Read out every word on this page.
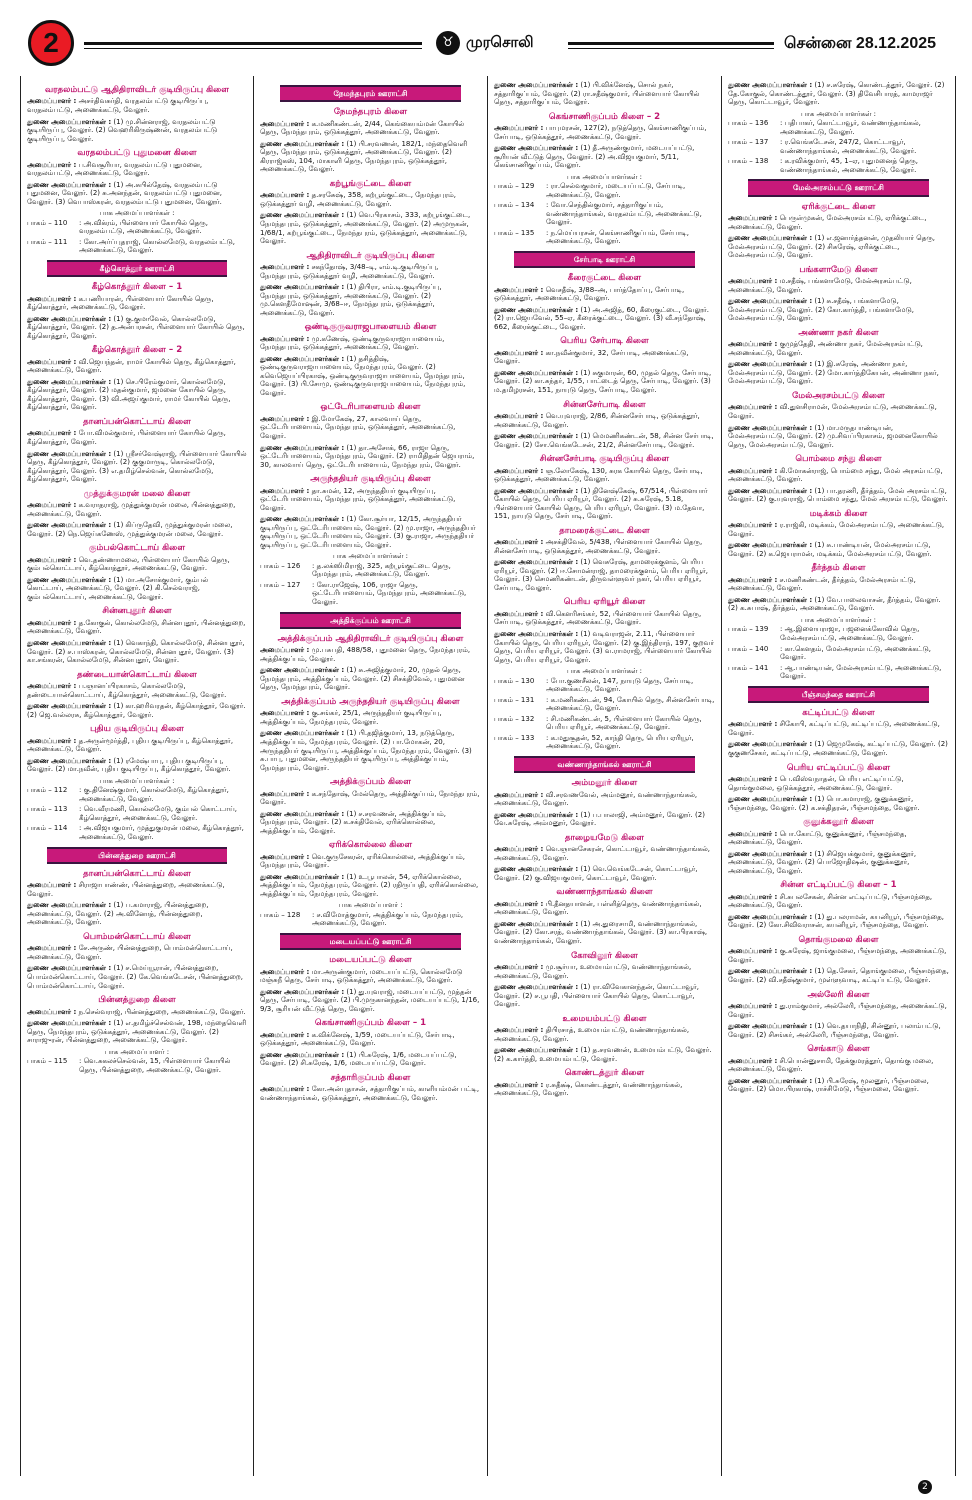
2	♉ முரசொலி	சென்னை 28.12.2025
வரதலம்பட்டு ஆதிதிராவிடர் குடியிருப்பு கிளை

அமைப்பாளர் : அசர்திவசுர்தி, வரதலம்பட்டு குடியிருப்பு, வரதலம்பட்டு, அணைக்கட்டு, வேலூர்.

துணை அமைப்பாளர்கள் : (1) மு.சின்னராஜ், வரதலம்பட்டு குடியிருப்பு, வேலூர். (2) வெஹரிகிருஷ்ணன், வரதலம்பட்டு குடியிருப்பு, வேலூர்.

வரதலம்பட்டு புதுமனை கிளை

அமைப்பாளர் : ப.சிவசூரியா, வரதலம்பட்டு புதுமனை, வரதலம்பட்டு, அணைக்கட்டு, வேலூர்.

துணை அமைப்பாளர்கள் : (1) அ.சுபில்தேஷ், வரதலம்பட்டு புதுமனை, வேலூர். (2) சு.அனந்தன், வரதலம்பட்டு புதுமனை, வேலூர். (3) வெபாஸ்கரன், வரதலம்பட்டு புதுமனை, வேலூர்.

பாக அமைப்பாளர்கள் :
பாகம் – 110	: அ.விக்ரம், பிள்ளையார் கோயில் தெரு, வரதலம்பட்டு, அணைக்கட்டு, வேலூர்.
பாகம் – 111	: கோ.அர்ப்புதராஜ், கொல்லமேடு, வரதலம்பட்டு, அணைக்கட்டு, வேலூர்.
கீழ்கொத்தூர் ஊராட்சி
கீழ்கொத்தூர் கிளை – 1

அமைப்பாளர் : க.பணியாரன், பிள்ளையார் கோயில் தெரு, கீழ்கொத்தூர், அணைக்கட்டு, வேலூர்.

துணை அமைப்பாளர்கள் : (1) கு.குமாவேல், கொல்லமேடு, கீழ்கொத்தூர், வேலூர். (2) த.அன்பரசன், பிள்ளையார் கோயில் தெரு, கீழ்கொத்தூர், வேலூர்.

கீழ்கொத்தூர் கிளை – 2

அமைப்பாளர் : வி.ஜெயந்தன், ராமர் கோயில் தெரு, கீழ்கொத்தூர், அணைக்கட்டு, வேலூர்.

துணை அமைப்பாளர்கள் : (1) செ.பிரேம்குமார், கொல்லமேடு, கீழ்கொத்தூர், வேலூர். (2) மதன்குமார், ஜமனை கோயில் தெரு, கீழ்கொத்தூர், வேலூர். (3) வி.அஜய்குமார், ராமர் கோயில் தெரு, கீழ்கொத்தூர், வேலூர்.

தானப்பன்கொட்டாய் கிளை

அமைப்பாளர் : போ.விமல்குமார், பிள்ளையார் கோயில் தெரு, கீழ்கொத்தூர், வேலூர்.

துணை அமைப்பாளர்கள் : (1) ஸ்ரீசர்வேஷ்ராஜ், பிள்ளையார் கோயில் தெரு, கீழ்கொத்தூர், வேலூர். (2) குகுமாருடி, கொல்லமேடு, கீழ்கொத்தூர், வேலூர். (3) எ.தமிழ்செல்வன், கொல்லமேடு, கீழ்கொத்தூர், வேலூர்.

முத்துக்குமரன் மலை கிளை

அமைப்பாளர் : க.வராதராஜ், முத்துக்குமரன் மலை, பின்னத்துறை, அணைக்கட்டு, வேலூர்.

துணை அமைப்பாளர்கள் : (1) கிப்ருதேவி, முத்துக்குமரன் மலை, வேலூர். (2) நெ.ஜெய்கணேஸ், முத்துக்குமரன் மலை, வேலூர்.

கும்பல்கொட்டாய் கிளை

அமைப்பாளர் : வெ.தண்ணாமலை, பிள்ளையார் கோயில் தெரு, கும்பல்கொட்டாய், கீழ்கொத்தூர், அணைக்கட்டு, வேலூர்.

துணை அமைப்பாளர்கள் : (1) மா.அசோக்குமார், கும்பல் கொட்டாய், அணைக்கட்டு, வேலூர். (2) கி.செல்வராஜ், கும்பல்கொட்டாய், அணைக்கட்டு, வேலூர்.

சின்னபுதூர் கிளை

அமைப்பாளர் : த.கோகுல், கொல்லமேடு, சின்னபுதூர், பின்னத்துறை, அணைக்கட்டு, வேலூர்.

துணை அமைப்பாளர்கள் : (1) வெகாந்தி, கொல்லமேடு, சின்னபுதூர், வேலூர். (2) ச.பாஸ்கரன், கொல்லமேடு, சின்னபுதூர், வேலூர். (3) கா.சங்கரன், கொல்லமேடு, சின்னபுதூர், வேலூர்.

தண்டையான்கொட்டாய் கிளை

அமைப்பாளர் : ப.ஞானப்பிரகாசம், கொல்லமேடு, தண்டையான்கொட்டாய், கீழ்கொத்தூர், அணைக்கட்டு, வேலூர்.

துணை அமைப்பாளர்கள் : (1) கா.ஹரிவரதன், கீழ்கொத்தூர், வேலூர். (2) ஜெ.வல்லரசு, கீழ்கொத்தூர், வேலூர்.

புதிய குடியிருப்பு கிளை

அமைப்பாளர் : த.அருள்மூர்த்தி, புதிய குடியிருப்பு, கீழ்கொத்தூர், அணைக்கட்டு, வேலூர்.

துணை அமைப்பாளர்கள் : (1) ரமேஷ்பாபு, புதிய குடியிருப்பு, வேலூர். (2) மா.நவீன், புதிய குடியிருப்பு, கீழ்கொத்தூர், வேலூர்.

பாக அமைப்பாளர்கள் :
பாகம் – 112	: கு.தினேஷ்குமார், கொல்லமேடு, கீழ்கொத்தூர், அணைக்கட்டு, வேலூர்.
பாகம் – 113	: வெ.வீரமணி, கொல்லமேடு, கும்பல் கொட்டாய், கீழ்கொத்தூர், அணைக்கட்டு, வேலூர்.
பாகம் – 114	: அ.விஜயகுமார், முத்துகுமரன் மலை, கீழ்கொத்தூர், அணைக்கட்டு, வேலூர்.
பின்னத்துறை ஊராட்சி
தானப்பன்கொட்டாய் கிளை

அமைப்பாளர் : சிராஜாபாண்ண், பின்னத்துறை, அணைக்கட்டு, வேலூர்.

துணை அமைப்பாளர்கள் : (1) ப.கமாராஜ், பின்னத்துறை, அணைக்கட்டு, வேலூர். (2) அ.வினோத், பின்னத்துறை, அணைக்கட்டு, வேலூர்.

பொம்மன்கொட்டாய் கிளை

அமைப்பாளர் : சே.அருண், பின்னத்துறை, பொம்மன்கொட்டாய், அணைக்கட்டு, வேலூர்.

துணை அமைப்பாளர்கள் : (1) ச.மெய்யூரான், பின்னத்துறை, பொம்மன்கொட்டாய், வேலூர். (2) கே.வெங்கடேசன், பின்னத்துறை, பொம்மன்கொட்டாய், வேலூர்.

பின்னத்துறை கிளை

அமைப்பாளர் : ந.செல்வராஜ், பின்னத்துறை, அணைக்கட்டு, வேலூர்.

துணை அமைப்பாளர்கள் : (1) எ.தமிழ்ச்செல்வன், 198, மந்தைவெளி தெரு, நேமந்தபுரம், ஒடுக்கத்தூர், அணைக்கட்டு, வேலூர். (2) சாராஜுரன், பின்னத்துறை, அணைக்கட்டு, வேலூர்.

பாக அமைப்பாளர் :
பாகம் – 115	: வெ.சுகலச்செல்வன், 15, பிள்ளையார் கோயில் தெரு, பின்னத்துறை, அணைக்கட்டு, வேலூர்.
நேமந்தபுரம் ஊராட்சி
நேமந்தபுரம் கிளை

அமைப்பாளர் : க.மணிகண்டன், 2/44, கெங்கையம்மன் கோயில் தெரு, நேமந்தபுரம், ஒடுக்கத்தூர், அணைக்கட்டு, வேலூர்.

துணை அமைப்பாளர்கள் : (1) பி.சரவணன், 182/1, மந்தைவெளி தெரு, நேமந்தபுரம், ஒடுக்கத்தூர், அணைக்கட்டு, வேலூர். (2) கிரராஜ்கஸ், 104, மாகாளி தெரு, நேமந்தபுரம், ஒடுக்கத்தூர், அணைக்கட்டு, வேலூர்.

கற்பூங்குட்டை கிளை

அமைப்பாளர் : த.சரசுேஷ், 358, கற்பூங்குட்டை, நேமந்தபுரம், ஒடுக்கத்தூர் வழி, அணைக்கட்டு, வேலூர்.

துணை அமைப்பாளர்கள் : (1) வெ.பிரகாசம், 333, கற்பூங்குட்டை, நேமந்தபுரம், ஒடுக்கத்தூர், அணைக்கட்டு, வேலூர். (2) அமுருகன், 1/68/1, கற்பூங்குட்டை, நேமந்தபுரம், ஒடுக்கத்தூர், அணைக்கட்டு, வேலூர்.

ஆதிதிராவிடர் குடியிருப்பு கிளை

அமைப்பாளர் : சகந்தோஷ், 3/48–டி, எம்.டி.குடியிருப்பு, நேமந்தபுரம், ஒடுக்கத்தூர் வழி, அணைக்கட்டு, வேலூர்.

துணை அமைப்பாளர்கள் : (1) திபிரா, எம்.டி.குடியிருப்பு, நேமந்தபுரம், ஒடுக்கத்தூர், அணைக்கட்டு, வேலூர். (2) மு.கௌதீமோஷன், 3/68–ஈ, நேமந்தபுரம், ஒடுக்கத்தூர், அணைக்கட்டு, வேலூர்.

ஒண்டிகுருவராஜபாளையம் கிளை

அமைப்பாளர் : மு.கணேஷ், ஒண்டிகுருவராஜாபாளையம், நேமந்தபுரம், ஒடுக்கத்தூர், அணைக்கட்டு, வேலூர்.

துணை அமைப்பாளர்கள் : (1) தசித்திஷ், ஒண்டிகுருவராஜாபாளையம், நேமந்தபுரம், வேலூர். (2) கவெஜெயப்பிரகாஷ், ஒண்டிகுருவராஜாபாளையம், நேமந்தபுரம், வேலூர். (3) பி.சோமு, ஒண்டிகுருவராஜபாளையம், நேமந்தபுரம், வேலூர்.

ஒட்டேரிபாளையம் கிளை

அமைப்பாளர் : இ.மோகேஷ், 27, காலவாய் தெரு, ஒட்டேரிபாளையம், நேமந்தபுரம், ஒடுக்கத்தூர், அணைக்கட்டு, வேலூர்.

துணை அமைப்பாளர்கள் : (1) தா.அசோக், 66, ராஜா தெரு, ஒட்டேரிபாளையம், நேமந்தபுரம், வேலூர். (2) ராமிதிதன் ஜெயராம், 30, காலவாய் தெரு, ஒட்டேரிபாளையம், நேமந்தபுரம், வேலூர்.

அருந்ததியர் குடியிருப்பு கிளை

அமைப்பாளர் : தா.சுமன், 12, அருந்ததியர் குடியிருப்பு, ஒட்டேரிபாளையம், நேமந்தபுரம், ஒடுக்கத்தூர், அணைக்கட்டு, வேலூர்.

துணை அமைப்பாளர்கள் : (1) கோ.சூர்யா, 12/15, அருந்ததியர் குடியிருப்பு, ஒட்டேரிபாளையம், வேலூர். (2) மு.ராஜா, அருந்ததியர் குடியிருப்பு, ஒட்டேரிபாளையம், வேலூர். (3) கு.ராஜா, அருந்ததியர் குடியிருப்பு, ஒட்டேரிபாளையம், வேலூர்.

பாக அமைப்பாளர்கள் :
பாகம் – 126	: த.லக்ஸிமிராஜ், 325, கற்பூங்குட்டை தெரு, நேமந்தபுரம், அணைக்கட்டு, வேலூர்.
பாகம் – 127	: கோ.ராஜேஷ், 106, ராஜா தெரு, ஒட்டேரிபாளையம், நேமந்தபுரம், அணைக்கட்டு, வேலூர்.
அத்திக்குப்பம் ஊராட்சி
அத்திக்குப்பம் ஆதிதிராவிடர் குடியிருப்பு கிளை

அமைப்பாளர் : மு.பசுபதி, 488/58, புதுமனை தெரு, நேமந்தபுரம், அத்திக்குப்பம், வேலூர்.

துணை அமைப்பாளர்கள் : (1) சு.அஜித்குமார், 20, முதல் தெரு, நேமந்தபுரம், அத்திக்குப்பம், வேலூர். (2) சிசக்திவேல், புதுமனை தெரு, நேமந்தபுரம், வேலூர்.

அத்திக்குப்பம் அருந்ததியர் குடியிருப்பு கிளை

அமைப்பாளர் : கு.சங்கர், 25/1, அருந்ததியர் குடியிருப்பு, அத்திக்குப்பம், நேமந்தபுரம், வேலூர்.

துணை அமைப்பாளர்கள் : (1) பி.தஜித்குமார், 13, நடுத்தெரு, அத்திக்குப்பம், நேமந்தபுரம், வேலூர். (2) பா.மோகன், 20, அருந்ததியர் குடியிருப்பு, அத்திக்குப்பம், நேமந்தபுரம், வேலூர். (3) சு.பாபு, புதுமனை, அருந்ததியர் குடியிருப்பு, அத்திக்குப்பம், நேமந்தபுரம், வேலூர்.

அத்திக்குப்பம் கிளை

அமைப்பாளர் : க.சந்தோஷ், மேல்தெரு, அத்திக்குப்பம், நேமந்தபுரம், வேலூர்.

துணை அமைப்பாளர்கள் : (1) ச.சரவணன், அத்திக்குப்பம், நேமந்தபுரம், வேலூர். (2) க.சக்திவேல், ஏரிக்கொல்லை, அத்திக்குப்பம், வேலூர்.

ஏரிக்கொல்லை கிளை

அமைப்பாளர் : வெ.குருசேகரன், ஏரிக்கொல்லை, அத்திக்குப்பம், நேமந்தபுரம், வேலூர்.

துணை அமைப்பாளர்கள் : (1) உ.பூபாலன், 54, ஏரிக்கொல்லை, அத்திக்குப்பம், நேமந்தபுரம், வேலூர். (2) ரதிருப்பதி, ஏரிக்கொல்லை, அத்திக்குப்பம், நேமந்தபுரம், வேலூர்.

பாக அமைப்பாளர் :
பாகம் – 128	: ச.விமோத்குமார், அத்திக்குப்பம், நேமந்தபுரம், அணைக்கட்டு, வேலூர்.
மடையப்பட்டு ஊராட்சி
மடையப்பட்டு கிளை

அமைப்பாளர் : மா.அருண்குமார், மடையப்பட்டு, கொல்லமேடு மஞ்சுநீ தெரு, சேர்பாடி, ஒடுக்கத்தூர், அணைக்கட்டு, வேலூர்.

துணை அமைப்பாளர்கள் : (1) து.யுவராஜ், மடையப்பட்டு, முத்தன் தெரு, சேர்பாடி, வேலூர். (2) பி.முருகானந்தன், மடையப்பட்டு, 1/16, 9/3, சூரியன் வீட்டுத் தெரு, வேலூர்.

கெங்சாணிகுப்பம் கிளை – 1

அமைப்பாளர் : க.விக்னேஷ், 1/59, மடையப்பட்டு, சேர்பாடி, ஒடுக்கத்தூர், அணைக்கட்டு, வேலூர்.

துணை அமைப்பாளர்கள் : (1) பி.சுரேஷ், 1/6, மடையப்பட்டு, வேலூர். (2) சி.சுரேஷ், 1/6, மடையப்பட்டு, வேலூர்.

சத்தாரிகுப்பம் கிளை

அமைப்பாளர் : கோ.அன்புதாசன், சத்தாரிகுப்பம், காளியம்மன் பட்டி, வண்ணாந்தாங்கல், ஒடுக்கத்தூர், அணைக்கட்டு, வேலூர்.

துணை அமைப்பாளர்கள் : (1) பி.விக்னேஷ், சொல் நகர், சத்தாரிகுப்பம், வேலூர். (2) ரா.சதீஷ்குமார், பிள்ளையார் கோயில் தெரு, சத்தாரிகுப்பம், வேலூர்.

கெங்சாணிகுப்பம் கிளை – 2

அமைப்பாளர் : பாபுமரசன், 127(2), நடுத்தெரு, கெங்சாணிகுப்பம், சேர்பாடி, ஒடுக்கத்தூர், அணைக்கட்டு, வேலூர்.

துணை அமைப்பாளர்கள் : (1) தீ.அருண்குமார், மடையப்பட்டு, சூரியன் வீட்டுத் தெரு, வேலூர். (2) அ.விஜயகுமார், 5/11, கெங்சாணிகுப்பம், வேலூர்.

பாக அமைப்பாளர்கள் :
பாகம் – 129	: ரா.செல்வகுமார், மடையப்பட்டு, சேர்பாடி, அணைக்கட்டு, வேலூர்.
பாகம் – 134	: வோ.செந்தில்குமார், சத்தாரிகுப்பம், வண்ணாந்தாங்கல், வரதலம்பட்டு, அணைக்கட்டு, வேலூர்.
பாகம் – 135	: ந.மெய்யரசன், கெங்சாணிகுப்பம், சேர்பாடி, அணைக்கட்டு, வேலூர்.
சேர்பாடி ஊராட்சி
கீரைகுட்டை கிளை

அமைப்பாளர் : வெசதீஷ், 3/88–அ, பார்த்தோப்பு, சேர்பாடி, ஒடுக்கத்தூர், அணைக்கட்டு, வேலூர்.

துணை அமைப்பாளர்கள் : (1) அ.அஜித், 60, கீரைகுட்டை, வேலூர். (2) ரா.ஜெயவேல், 55–ஏ, கீரைக்குட்டை, வேலூர். (3) வீ.சந்தோஷ், 662, கீரைக்குட்டை, வேலூர்.

பெரிய சேர்பாடி கிளை

அமைப்பாளர் : கா.நவீன்குமார், 32, சேர்பாடி, அணைக்கட்டு, வேலூர்.

துணை அமைப்பாளர்கள் : (1) சுகுமாரன், 60, முதல் தெரு, சேர்பாடி, வேலூர். (2) கா.சுந்தர், 1/55, பாட்டைத் தெரு, சேர்பாடி, வேலூர். (3) ம.தமிழரசன், 151, நாயுடு தெரு, சேர்பாடி, வேலூர்.

சின்னசேர்பாடி கிளை

அமைப்பாளர் : வெ.யுவராஜ், 2/86, சின்னசேர்பாடி, ஒடுக்கத்தூர், அணைக்கட்டு, வேலூர்.

துணை அமைப்பாளர்கள் : (1) மெமணிகண்டன், 58, சின்ன சேர்பாடி, வேலூர். (2) சோ.வெங்கடேசன், 21/2, சின்னசேர்பாடி, வேலூர்.

சின்னசேர்பாடி குடியிருப்பு கிளை

அமைப்பாளர் : ஞ.லோகேஷ், 130, சுரக கோயில் தெரு, சேர்பாடி, ஒடுக்கத்தூர், அணைக்கட்டு, வேலூர்.

துணை அமைப்பாளர்கள் : (1) தினேஷ்கேஷ், 67/514, பிள்ளையார் கோயில் தெரு, பெரிய ஏரியூர், வேலூர். (2) சு.சுரேஷ், 5.18, பிள்ளையார் கோயில் தெரு, பெரிய ஏரியூர், வேலூர். (3) ம.தேவா, 151, நாயுடு தெரு, சேர்பாடி, வேலூர்.

தாமரைக்குட்டை கிளை

அமைப்பாளர் : அசக்திவேல், 5/438, பிள்ளையார் கோயில் தெரு, சின்னசேர்பாடி, ஒடுக்கத்தூர், அணைக்கட்டு, வேலூர்.

துணை அமைப்பாளர்கள் : (1) வெசுரேஷ், தாமரைக்குளம், பெரிய ஏரியூர், வேலூர். (2) ஈ.சோமன்ராஜ், தாமரைக்குளம், பெரிய ஏரியூர், வேலூர். (3) செமணிகண்டன், திருவள்ளுவர் நகர், பெரிய ஏரியூர், சேர்பாடி, வேலூர்.

பெரிய ஏரியூர் கிளை

அமைப்பாளர் : வி.கௌரிசங்கர், 52, பிள்ளையார் கோயில் தெரு, சேர்பாடி, ஒடுக்கத்தூர், அணைக்கட்டு, வேலூர்.

துணை அமைப்பாளர்கள் : (1) வடிவராஜன், 2.11, பிள்ளையார் கோயில் தெரு, பெரிய ஏரியூர், வேலூர். (2) கு.இந்திராந், 197, குறவர் தெரு, பெரிய ஏரியூர், வேலூர். (3) வ.ராமராஜ், பிள்ளையார் கோயில் தெரு, பெரிய ஏரியூர், வேலூர்.

பாக அமைப்பாளர்கள் :
பாகம் – 130	: போ.குணசீலன், 147, நாயுடு தெரு, சேர்பாடி, அணைக்கட்டு, வேலூர்.
பாகம் – 131	: க.மணிகண்டன், 94, கோயில் தெரு, சின்னசேர்பாடி, அணைக்கட்டு, வேலூர்.
பாகம் – 132	: சி.மணிகண்டன், 5, பிள்ளையார் கோயில் தெரு, பெரிய ஏரியூர், அணைக்கட்டு, வேலூர்.
பாகம் – 133	: க.மதுசூதன், 52, காந்தி தெரு, பெரிய ஏரியூர், அணைக்கட்டு, வேலூர்.
வண்ணாந்தாங்கல் ஊராட்சி
அம்மனூர் கிளை

அமைப்பாளர் : வி.சரவணவேல், அம்மனூர், வண்ணாந்தாங்கல், அணைக்கட்டு, வேலூர்.

துணை அமைப்பாளர்கள் : (1) ப.பாலாஜி, அம்மனூர், வேலூர். (2) வே.சுரேஷ், அம்மனூர், வேலூர்.

தாழையமேடு கிளை

அமைப்பாளர் : வெ.ஞானசேகரன், கொட்டாவூர், வண்ணாந்தாங்கல், அணைக்கட்டு, வேலூர்.

துணை அமைப்பாளர்கள் : (1) வெ.வெங்கடேசன், கொட்டாவூர், வேலூர். (2) கு.விஜயகுமார், கொட்டாவூர், வேலூர்.

வண்ணாந்தாங்கல் கிளை

அமைப்பாளர் : பி.தீனதயாளன், பள்ளித்தெரு, வண்ணாந்தாங்கல், அணைக்கட்டு, வேலூர்.

துணை அமைப்பாளர்கள் : (1) அ.துரைசாமி, வண்ணாந்தாங்கல், வேலூர். (2) கோ.சரத், வண்ணாந்தாங்கல், வேலூர். (3) கா.பிரகாஷ், வண்ணாந்தாங்கல், வேலூர்.

கோவிலூர் கிளை

அமைப்பாளர் : மு.சூர்யா, உமையம்பட்டு, வண்ணாந்தாங்கல், அணைக்கட்டு, வேலூர்.

துணை அமைப்பாளர்கள் : (1) ரா.விவேகானந்தன், கொட்டாவூர், வேலூர். (2) ச.பூபதி, பிள்ளையார் கோயில் தெரு, கொட்டாவூர், வேலூர்.

உமையம்பட்டு கிளை

அமைப்பாளர் : திபிரசாத், உமையம்பட்டு, வண்ணாந்தாங்கல், அணைக்கட்டு, வேலூர்.

துணை அமைப்பாளர்கள் : (1) த.சரவணன், உமையம்பட்டு, வேலூர். (2) க.கார்த்தி, உமையம்பட்டு, வேலூர்.

கொண்டத்தூர் கிளை

அமைப்பாளர் : ர.சுதீக்ஷ், கொண்டத்தூர், வண்ணாந்தாங்கல், அணைக்கட்டு, வேலூர்.

துணை அமைப்பாளர்கள் : (1) ச.சுரேஷ், கொண்டத்தூர், வேலூர். (2) தே.கோகுல், கொண்டத்தூர், வேலூர். (3) திவேசிபாரத், காமராஜர் தெரு, கொட்டாவூர், வேலூர்.

பாக அமைப்பாளர்கள் :
பாகம் – 136	: பதிபாகர், கொட்டாவூர், வண்ணாந்தாங்கல், அணைக்கட்டு, வேலூர்.
பாகம் – 137	: ர.வெங்கடேசன், 247/2, கொட்டாவூர், வண்ணாந்தாங்கல், அணைக்கட்டு, வேலூர்.
பாகம் – 138	: க.ரவிக்குமார், 45, 1–ஏ, புதுமனைத் தெரு, வண்ணாந்தாங்கல், அணைக்கட்டு, வேலூர்.
மேல்அரசம்பட்டு ஊராட்சி
ஏரிக்குட்டை கிளை

அமைப்பாளர் : பெருள்முகன், மேல்அரசம்பட்டு, ஏரிக்குட்டை, அணைக்கட்டு, வேலூர்.

துணை அமைப்பாளர்கள் : (1) எ.ஜனார்த்தனன், முதலியார் தெரு, மேல்அரசம்பட்டு, வேலூர். (2) சிசுரேஷ், ஏரிக்குட்டை, மேல்அரசம்பட்டு, வேலூர்.

பங்களாமேடு கிளை

அமைப்பாளர் : ம.சதீஷ், பங்களாமேடு, மேல்அரசம்பட்டு, அணைக்கட்டு, வேலூர்.

துணை அமைப்பாளர்கள் : (1) சு.சதீஷ், பங்களாமேடு, மேல்அரசம்பட்டு, வேலூர். (2) கோ.கார்த்தி, பங்களாமேடு, மேல்அரசம்பட்டு, வேலூர்.

அண்ணா நகர் கிளை

அமைப்பாளர் : குமுத்தேதி, அண்ணா நகர், மேல்அரசம்பட்டு, அணைக்கட்டு, வேலூர்.

துணை அமைப்பாளர்கள் : (1) இ.சுரேஷ், அண்ணா நகர், மேல்அரசம்பட்டு, வேலூர். (2) மோ.கார்த்திகேயன், அண்ணா நகர், மேல்அரசம்பட்டு, வேலூர்.

மேல்அரசம்பட்டு கிளை

அமைப்பாளர் : வி.துளசிராமன், மேல்அரசம்பட்டு, அணைக்கட்டு, வேலூர்.

துணை அமைப்பாளர்கள் : (1) மா.மருதபாண்டியன், மேல்அரசம்பட்டு, வேலூர். (2) மு.சிவப்பிரகாசம், ஜமனைகோயில் தெரு, மேல்அரசம்பட்டு, வேலூர்.

பொம்மை சந்து கிளை

அமைப்பாளர் : கி.மோகன்ராஜ், பொம்மை சந்து, மேல் அரசம்பட்டு, அணைக்கட்டு, வேலூர்.

துணை அமைப்பாளர்கள் : (1) பா.தரணி, தீர்த்தம், மேல் அரசம்பட்டு, வேலூர். (2) கு.யுவராஜ், பொம்மை சந்து, மேல் அரசம்பட்டு, வேலூர்.

மடிக்கம் கிளை

அமைப்பாளர் : ர.ராஜ்கி, மடிக்கம், மேல்அரசம்பட்டு, அணைக்கட்டு, வேலூர்.

துணை அமைப்பாளர்கள் : (1) சு.பாண்டியன், மேல்அரசம்பட்டு, வேலூர். (2) க.ஜெயராமன், மடிக்கம், மேல்அரசம்பட்டு, வேலூர்.

தீர்த்தம் கிளை

அமைப்பாளர் : ச.மணிகண்டன், தீர்த்தம், மேல்அரசம்பட்டு, அணைக்கட்டு, வேலூர்.

துணை அமைப்பாளர்கள் : (1) வே.பாலைவாசன், தீர்த்தம், வேலூர். (2) க.சுபாஷ், தீர்த்தம், அணைக்கட்டு, வேலூர்.

பாக அமைப்பாளர்கள் :
பாகம் – 139	: ஆ.இளையராஜா, பஜனைக்கோவில் தெரு, மேல்அரசம்பட்டு, அணைக்கட்டு, வேலூர்.
பாகம் – 140	: கா.கௌதம், மேல்அரசம்பட்டு, அணைக்கட்டு, வேலூர்.
பாகம் – 141	: ஆ.பாண்டியன், மேல்அரசம்பட்டு, அணைக்கட்டு, வேலூர்.
பீஞ்சமந்தை ஊராட்சி
கட்டிப்பட்டு கிளை

அமைப்பாளர் : சிகோபி, கட்டிப்பட்டு, கட்டிப்பட்டு, அணைக்கட்டு, வேலூர்.

துணை அமைப்பாளர்கள் : (1) ஜெமுகேஷ், கட்டிப்பட்டு, வேலூர். (2) குகுணசேகர், கட்டிப்பட்டு, அணைக்கட்டு, வேலூர்.

பெரிய எட்டிப்பட்டு கிளை

அமைப்பாளர் : பெ.விஸ்வநாதன், பெரிய எட்டிப்பட்டு, தொங்குமலை, ஒடுக்கத்தூர், அணைக்கட்டு, வேலூர்.

துணை அமைப்பாளர்கள் : (1) பொ.கமாராஜ், குனுக்கனூர், பீஞ்சமந்தை, வேலூர். (2) க.சக்திதரன், பீஞ்சமந்தை, வேலூர்.

குனுக்கனூர் கிளை

அமைப்பாளர் : பொ.கோட்டு, குனுக்கனூர், பீஞ்சமந்தை, அணைக்கட்டு, வேலூர்.

துணை அமைப்பாளர்கள் : (1) சிஜெயக்குமார், குனுக்கனூர், அணைக்கட்டு, வேலூர். (2) பொஜோதிஷன், குனுக்கனூர், அணைக்கட்டு, வேலூர்.

சின்ன எட்டிப்பட்டு கிளை – 1

அமைப்பாளர் : சி.சுபலசேகன், சின்ன எட்டிப்பட்டு, பீஞ்சமந்தை, அணைக்கட்டு, வேலூர்.

துணை அமைப்பாளர்கள் : (1) து.பலராமன், கயனியூர், பீஞ்சமந்தை, வேலூர். (2) கோ.சிவிவராசன், கயனியூர், பீஞ்சமந்தை, வேலூர்.

தொங்குமலை கிளை

அமைப்பாளர் : கு.சுரேஷ், ஜாங்குமலை, பீஞ்சமந்தை, அணைக்கட்டு, வேலூர்.

துணை அமைப்பாளர்கள் : (1) தெ.சேகர், தொங்குமலை, பீஞ்சமந்தை, வேலூர். (2) வி.சதீஷ்குமார், முள்ளுவாடி, கட்டிப்பட்டு, வேலூர்.

அல்லேரி கிளை

அமைப்பாளர் : து.ராம்குமார், அல்லேரி, பீஞ்சமந்தை, அணைக்கட்டு, வேலூர்.

துணை அமைப்பாளர்கள் : (1) வெ.தயாநிதி, சின்னூர், பலாம்பட்டு, வேலூர். (2) சிசங்கர், அல்லேரி, பீஞ்சமந்தை, வேலூர்.

செங்காடு கிளை

அமைப்பாளர் : சி.பொன்னுசாமி, தேக்குமரத்தூர், தொங்கு மலை, அணைக்கட்டு, வேலூர்.

துணை அமைப்பாளர்கள் : (1) பி.சுரேஷ், மூலனூர், பீஞ்சமலை, வேலூர். (2) மொ.பிரகாஷ், ராச்சிமேடு, பீஞ்சமலை, வேலூர்.

2
